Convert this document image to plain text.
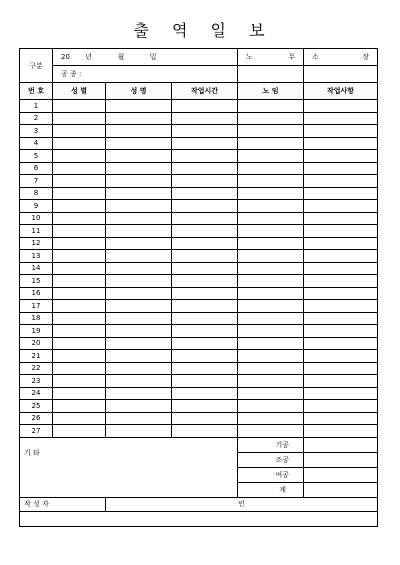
출 역 일 보
구분	20 년 월 일			노 무	소 장

	공 종 :				
번 호	성 별	성 명	작업시간	노 임	작업사항
1					
2					
3					
4					
5					
6					
7					
8					
9					
10					
11					
12					
13					
14					
15					
16					
17					
18					
19					
20					
21					
22					
23					
24					
25					
26					
27					
기 타				기공	
				조공	
				여공	
				계	
작 성 자		인			
